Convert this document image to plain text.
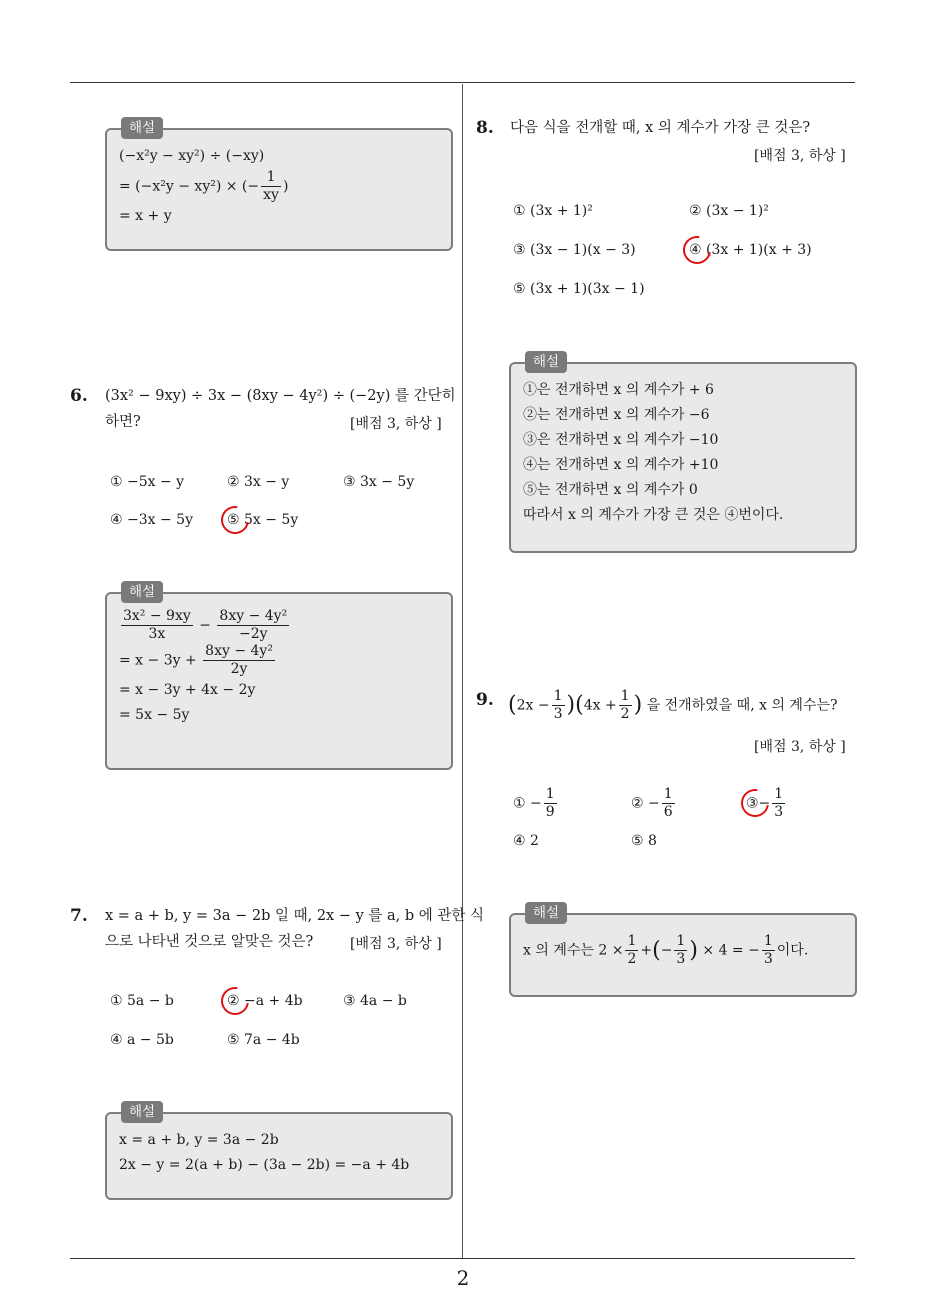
2
해설
(−x²y − xy²) ÷ (−xy)
= (−x²y − xy²) × (− $\frac{1}{xy}$ )
= x + y
6. (3x² − 9xy) ÷ 3x − (8xy − 4y²) ÷ (−2y) 를 간단히
하면?	[배점 3, 하상 ]
① −5x − y	② 3x − y	③ 3x − 5y
④ −3x − 5y ⑤ 5x − 5y
해설
$\frac{\text{3x² − 9xy}}{3x} - \frac{\text{8xy − 4y²}}{-2y}$
= $x - 3y + \frac{\text{8xy − 4y²}}{2y}$
= x − 3y + 4x − 2y
= 5x − 5y
7. x = a + b, y = 3a − 2b 일 때, 2x − y 를 a, b 에 관한 식
으로 나타낸 것으로 알맞은 것은?	[배점 3, 하상 ]
① 5a − b	② −a + 4b	③ 4a − b
④ a − 5b	⑤ 7a − 4b
해설
x = a + b, y = 3a − 2b
2x − y = 2(a + b) − (3a − 2b) = −a + 4b
8. 다음 식을 전개할 때, x 의 계수가 가장 큰 것은?
[배점 3, 하상 ]
① (3x + 1)²	② (3x − 1)²
③ (3x − 1)(x − 3)	④ (3x + 1)(x + 3)
⑤ (3x + 1)(3x − 1)
해설
①은 전개하면 x 의 계수가 + 6
②는 전개하면 x 의 계수가 −6
③은 전개하면 x 의 계수가 −10
④는 전개하면 x 의 계수가 +10
⑤는 전개하면 x 의 계수가 0
따라서 x 의 계수가 가장 큰 것은 ④번이다.
9. $(2x - \frac{1}{3} )(4x + \frac{1}{2}$ ) 을 전개하였을 때, x 의 계수는?
[배점 3, 하상 ]
① − $\frac{1}{9}$	② − $\frac{1}{6}$	③− $\frac{1}{3}$
④ 2	⑤ 8
해설
x 의 계수는 $2 \times \frac{1}{2}$ +(− $\frac{1}{3}$ ) × 4 = − $\frac{1}{3}$ 이다.
